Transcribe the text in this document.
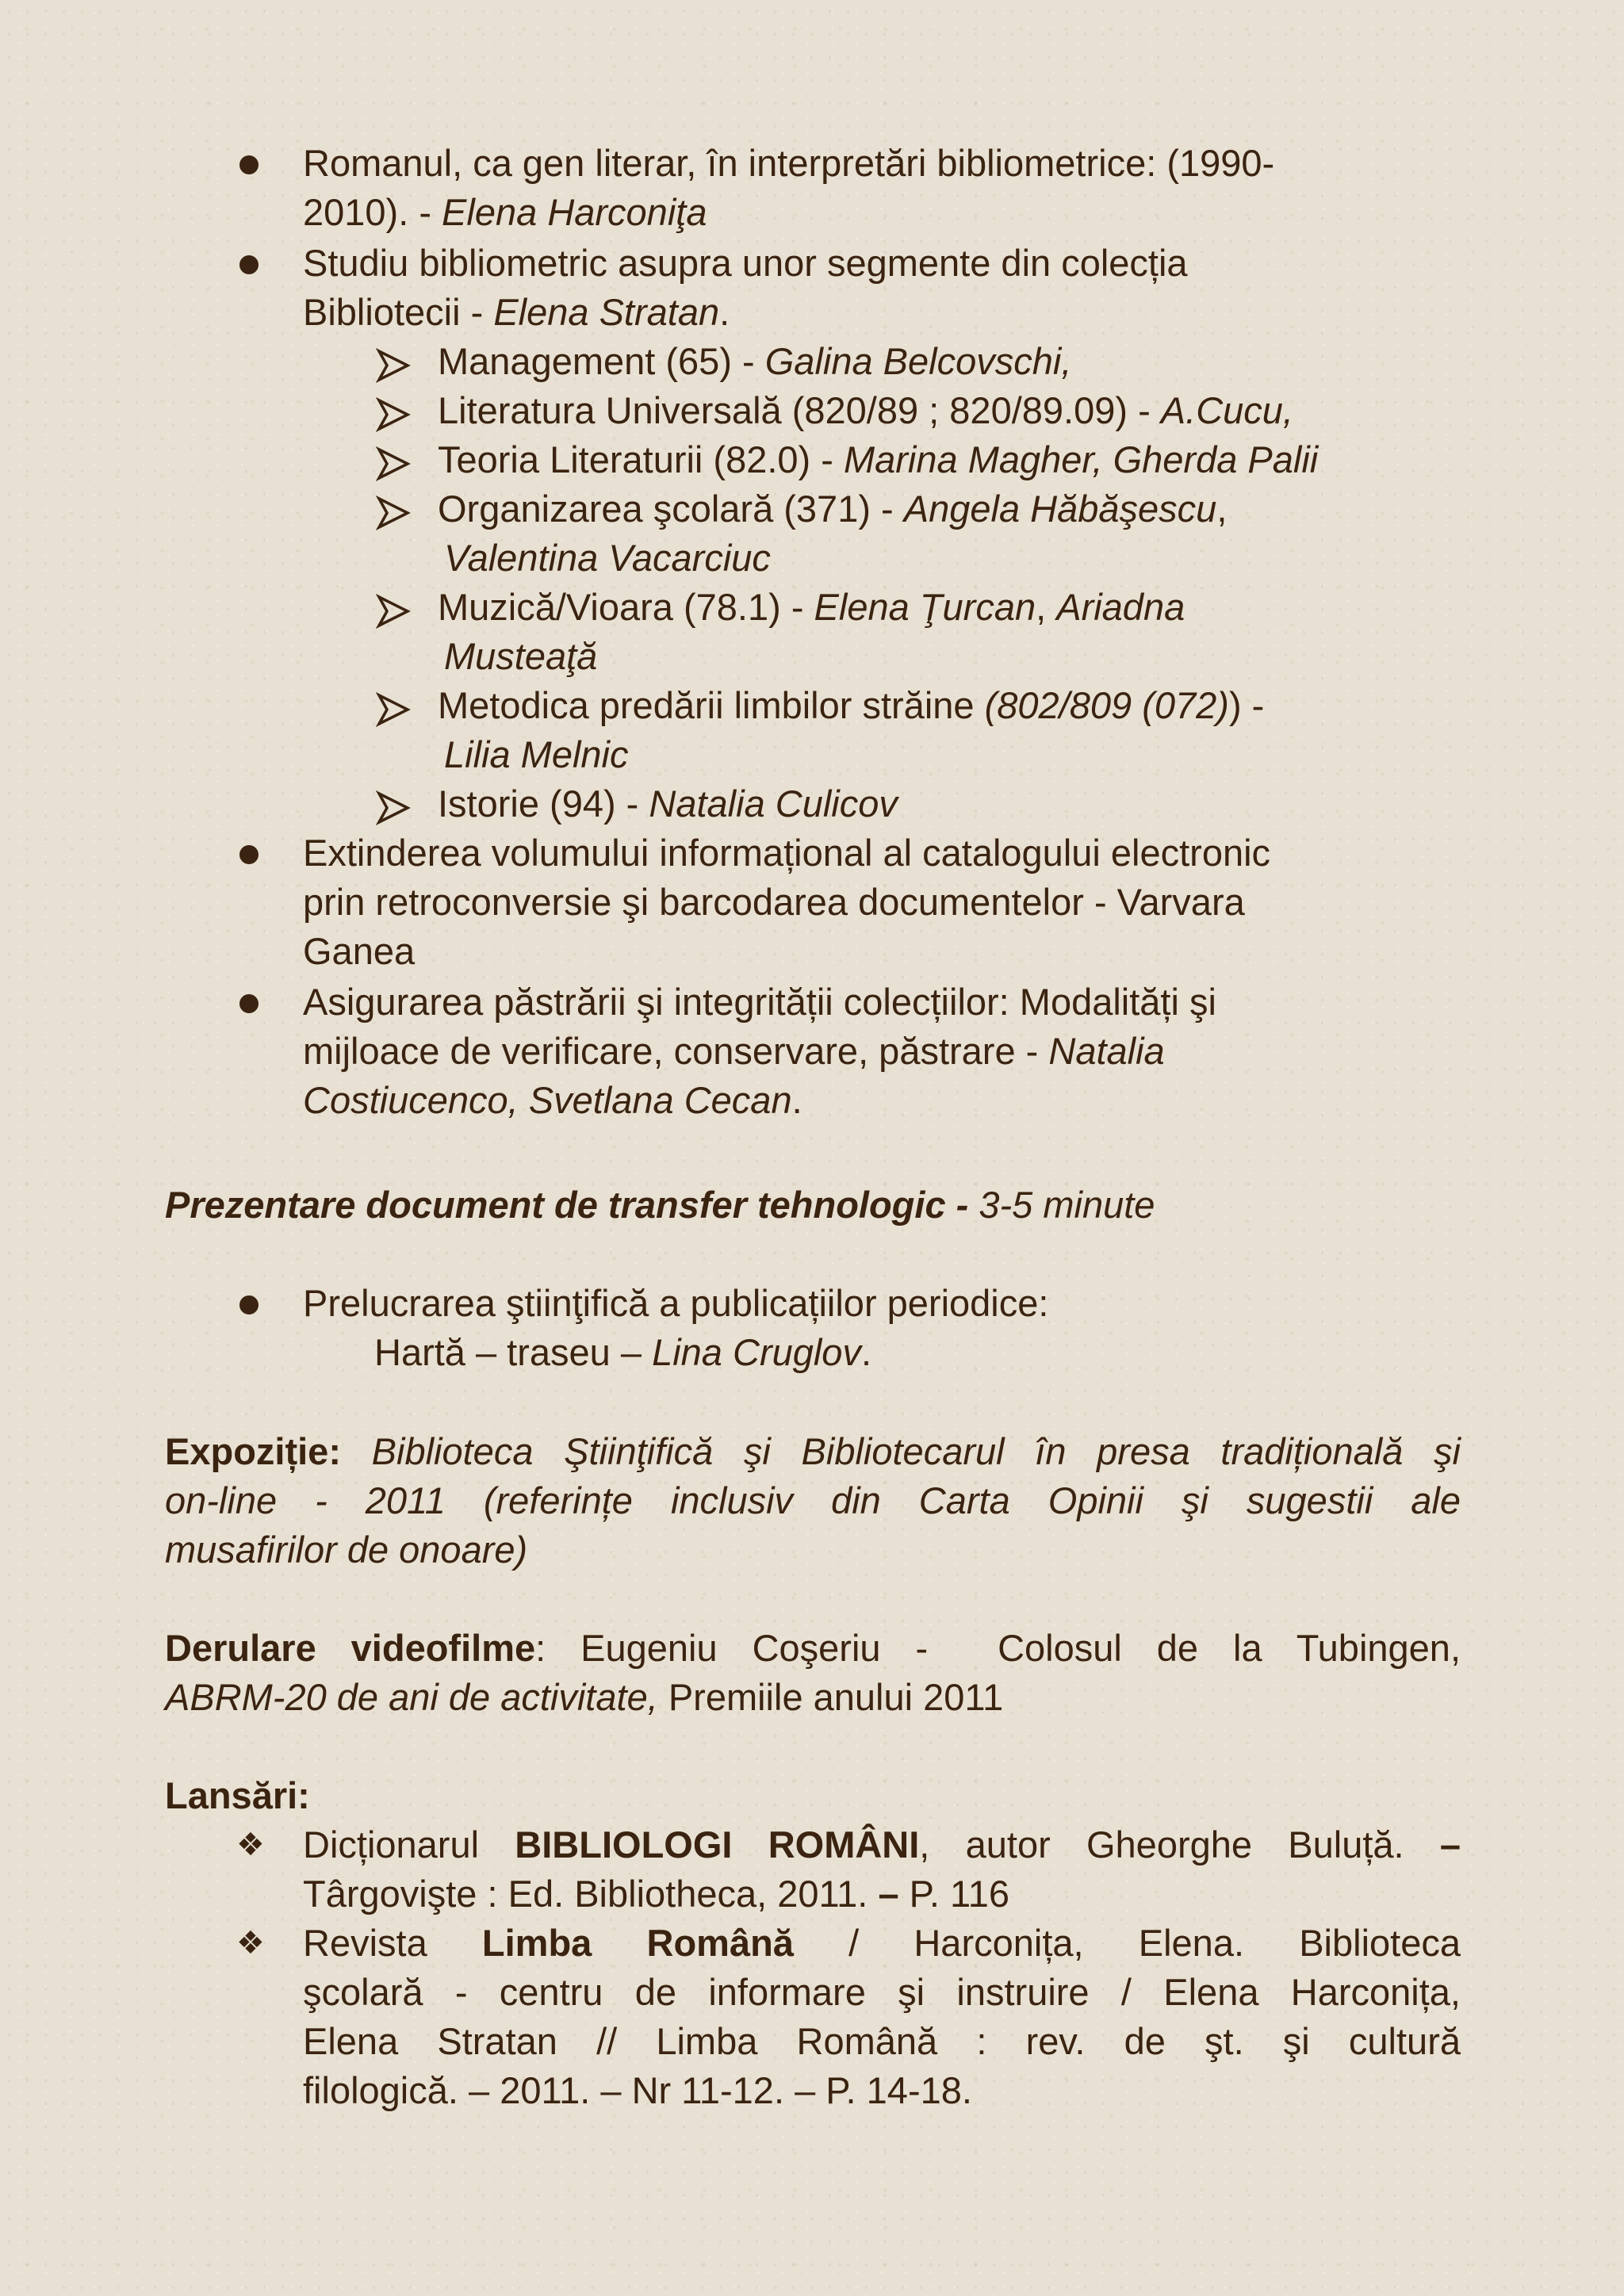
Romanul, ca gen literar, în interpretări bibliometrice: (1990-
2010). - Elena Harconiţa
Studiu bibliometric asupra unor segmente din colecția
Bibliotecii - Elena Stratan.
Management (65) - Galina Belcovschi,
Literatura Universală (820/89 ; 820/89.09) - A.Cucu,
Teoria Literaturii (82.0) - Marina Magher, Gherda Palii
Organizarea şcolară (371) - Angela Hăbăşescu,
Valentina Vacarciuc
Muzică/Vioara (78.1) - Elena Ţurcan, Ariadna
Musteaţă
Metodica predării limbilor străine (802/809 (072)) -
Lilia Melnic
Istorie (94) - Natalia Culicov
Extinderea volumului informațional al catalogului electronic
prin retroconversie şi barcodarea documentelor - Varvara
Ganea
Asigurarea păstrării şi integrității colecțiilor: Modalități şi
mijloace de verificare, conservare, păstrare - Natalia
Costiucenco, Svetlana Cecan.
Prezentare document de transfer tehnologic - 3-5 minute
Prelucrarea ştiinţifică a publicațiilor periodice:
Hartă – traseu – Lina Cruglov.
Expoziție: Biblioteca Ştiinţifică şi Bibliotecarul în presa tradițională şi
on-line - 2011 (referințe inclusiv din Carta Opinii şi sugestii ale
musafirilor de onoare)
Derulare videofilme: Eugeniu Coşeriu -  Colosul de la Tubingen,
ABRM-20 de ani de activitate, Premiile anului 2011
Lansări:
❖ Dicționarul BIBLIOLOGI ROMÂNI, autor Gheorghe Buluță. –
Târgovişte : Ed. Bibliotheca, 2011. – P. 116
❖ Revista Limba Română / Harconița, Elena. Biblioteca
şcolară - centru de informare şi instruire / Elena Harconița,
Elena Stratan // Limba Română : rev. de şt. şi cultură
filologică. – 2011. – Nr 11-12. – P. 14-18.
